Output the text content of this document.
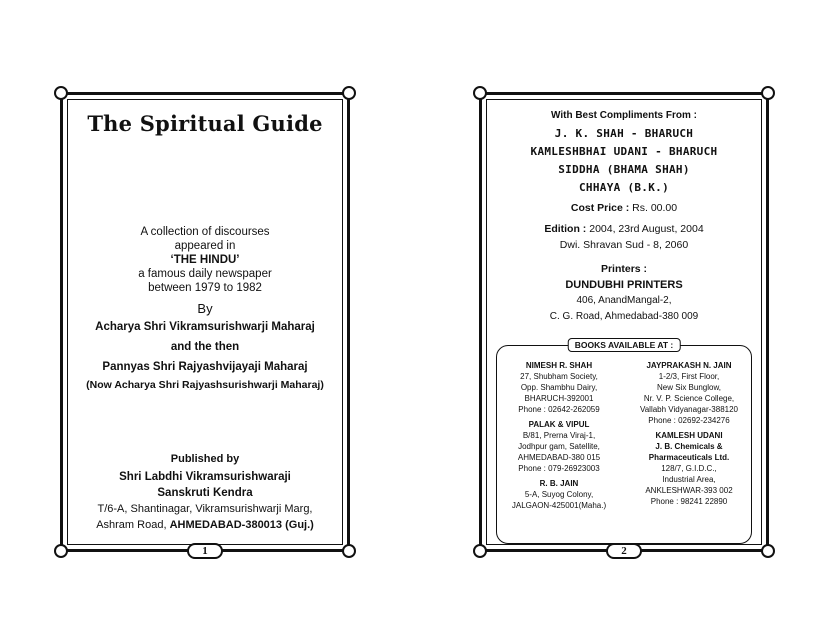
The Spiritual Guide
A collection of discourses
appeared in
‘THE HINDU’
a famous daily newspaper
between 1979 to 1982
By
Acharya Shri Vikramsurishwarji Maharaj
and the then
Pannyas Shri Rajyashvijayaji Maharaj
(Now Acharya Shri Rajyashsurishwarji Maharaj)
Published by
Shri Labdhi Vikramsurishwaraji
Sanskruti Kendra
T/6-A, Shantinagar, Vikramsurishwarji Marg,
Ashram Road, AHMEDABAD-380013 (Guj.)
1
With Best Compliments From :
J. K. SHAH - BHARUCH
KAMLESHBHAI UDANI - BHARUCH
SIDDHA (BHAMA SHAH)
CHHAYA (B.K.)
Cost Price : Rs. 00.00
Edition : 2004, 23rd August, 2004
Dwi. Shravan Sud - 8, 2060
Printers :
DUNDUBHI PRINTERS
406, AnandMangal-2,
C. G. Road, Ahmedabad-380 009
BOOKS AVAILABLE AT :
NIMESH R. SHAH
27, Shubham Society,
Opp. Shambhu Dairy,
BHARUCH-392001
Phone : 02642-262059
PALAK & VIPUL
B/81, Prerna Viraj-1,
Jodhpur gam, Satellite,
AHMEDABAD-380 015
Phone : 079-26923003
R. B. JAIN
5-A, Suyog Colony,
JALGAON-425001(Maha.)
JAYPRAKASH N. JAIN
1-2/3, First Floor,
New Six Bunglow,
Nr. V. P. Science College,
Vallabh Vidyanagar-388120
Phone : 02692-234276
KAMLESH UDANI
J. B. Chemicals &
Pharmaceuticals Ltd.
128/7, G.I.D.C.,
Industrial Area,
ANKLESHWAR-393 002
Phone : 98241 22890
2
